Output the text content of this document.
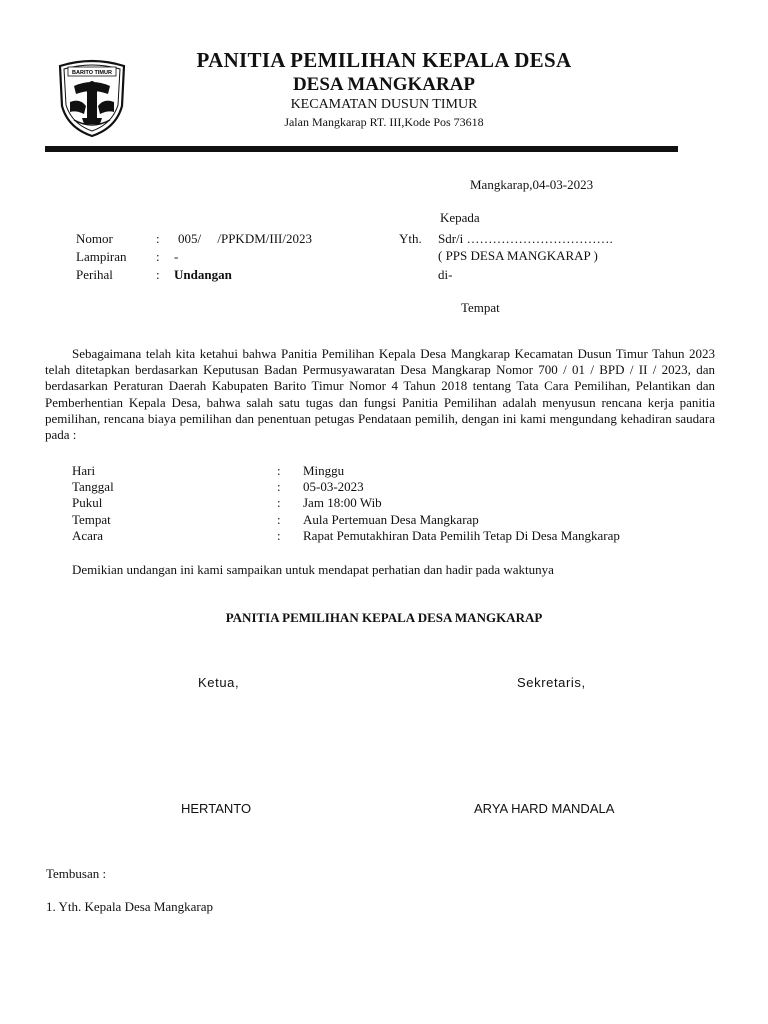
BARITO TIMUR
PANITIA PEMILIHAN KEPALA DESA
DESA MANGKARAP
KECAMATAN DUSUN TIMUR
Jalan Mangkarap RT. III,Kode Pos 73618
Mangkarap,04-03-2023
Kepada
Yth. Sdr/i …………………………….
( PPS DESA MANGKARAP )
di-
Tempat
Nomor	: 005/     /PPKDM/III/2023
Lampiran : -
Perihal	: Undangan
Sebagaimana telah kita ketahui bahwa Panitia Pemilihan Kepala Desa Mangkarap Kecamatan Dusun Timur Tahun 2023 telah ditetapkan berdasarkan Keputusan Badan Permusyawaratan Desa Mangkarap Nomor 700 / 01 / BPD / II / 2023, dan berdasarkan Peraturan Daerah Kabupaten Barito Timur Nomor 4 Tahun 2018 tentang Tata Cara Pemilihan, Pelantikan dan Pemberhentian Kepala Desa, bahwa salah satu tugas dan fungsi Panitia Pemilihan adalah menyusun rencana kerja panitia pemilihan, rencana biaya pemilihan dan penentuan petugas Pendataan pemilih, dengan ini kami mengundang kehadiran saudara pada :
Hari	: Minggu
Tanggal	: 05-03-2023
Pukul	: Jam 18:00 Wib
Tempat	: Aula Pertemuan Desa Mangkarap
Acara	: Rapat Pemutakhiran Data Pemilih Tetap Di Desa Mangkarap
Demikian undangan ini kami sampaikan untuk mendapat perhatian dan hadir pada waktunya
PANITIA PEMILIHAN KEPALA DESA MANGKARAP
Ketua,	Sekretaris,
HERTANTO	ARYA HARD MANDALA
Tembusan :
1. Yth. Kepala Desa Mangkarap
